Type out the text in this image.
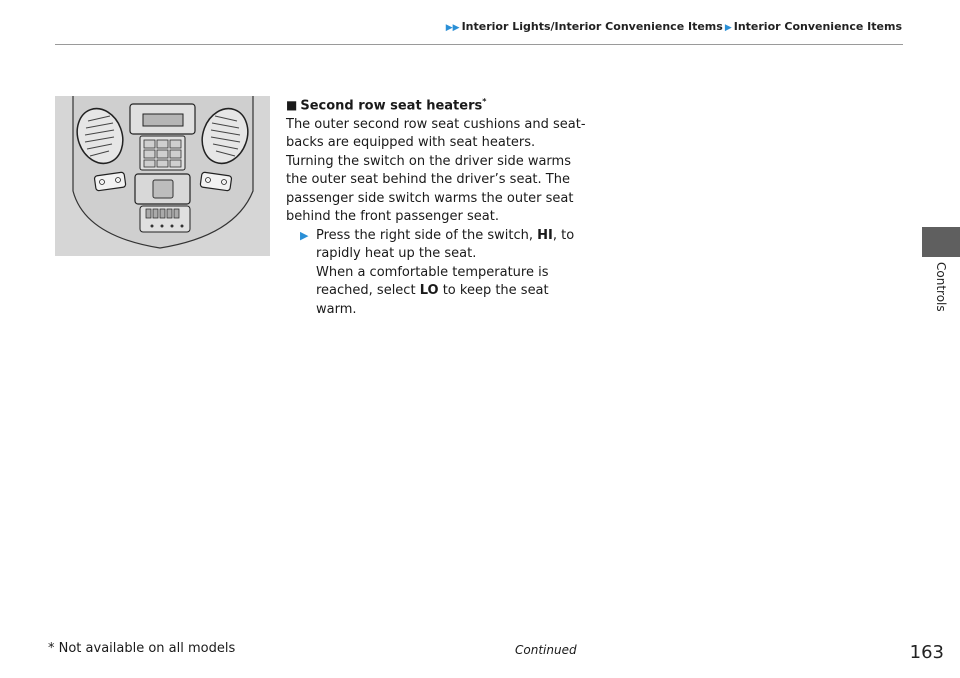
▶▶ Interior Lights/Interior Convenience Items ▶ Interior Convenience Items
Controls

■ Second row seat heaters*

The outer second row seat cushions and seat-backs are equipped with seat heaters. Turning the switch on the driver side warms the outer seat behind the driver’s seat. The passenger side switch warms the outer seat behind the front passenger seat.

▶ Press the right side of the switch, HI, to rapidly heat up the seat.

When a comfortable temperature is reached, select LO to keep the seat warm.

* Not available on all models	Continued	163
